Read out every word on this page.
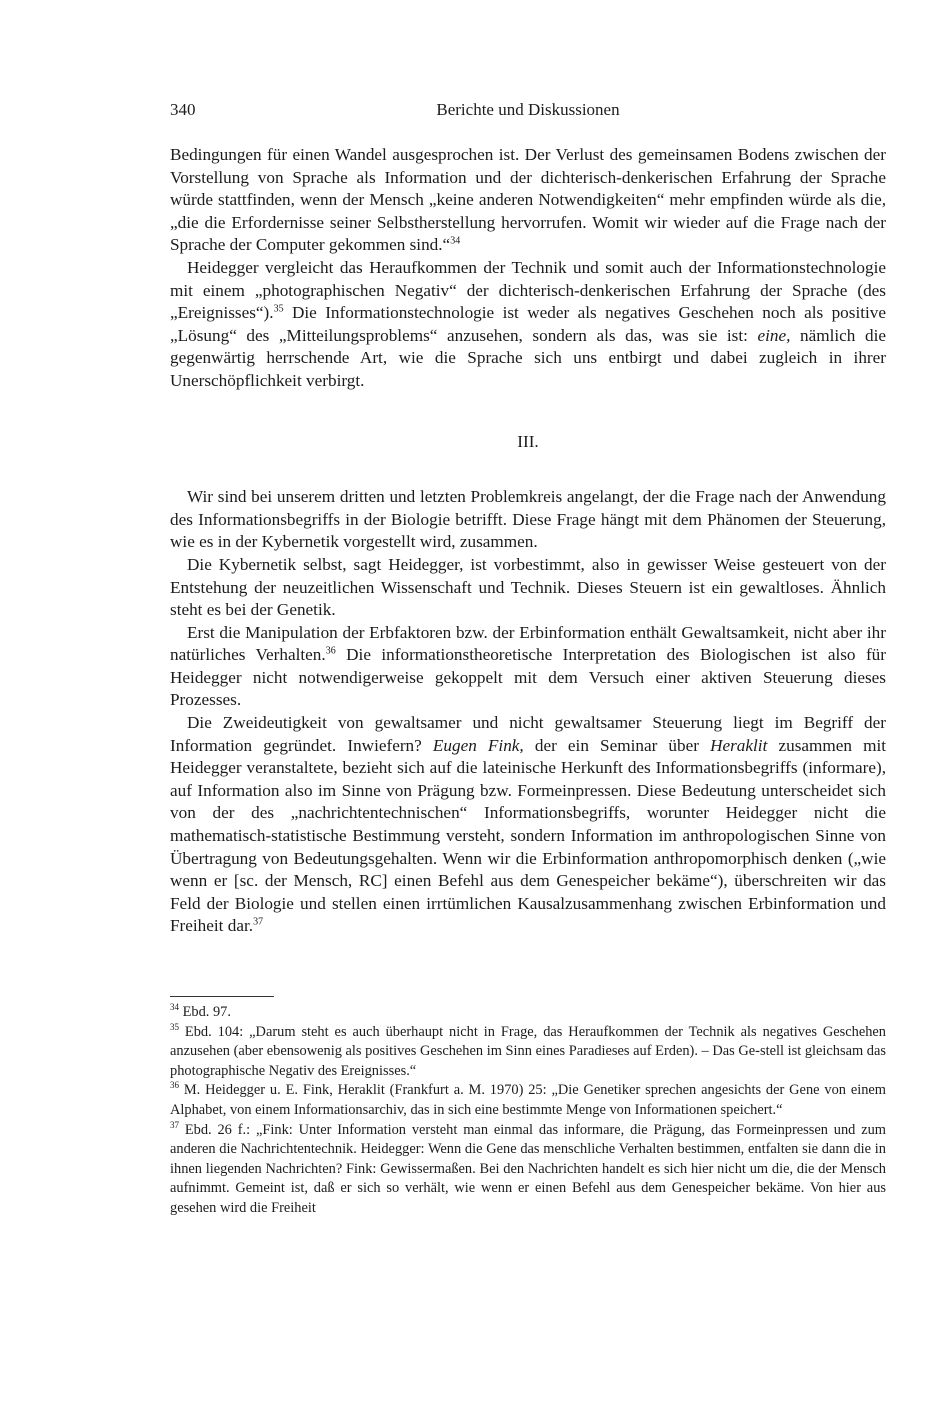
340	Berichte und Diskussionen

Bedingungen für einen Wandel ausgesprochen ist. Der Verlust des gemeinsamen Bodens zwischen der Vorstellung von Sprache als Information und der dichterisch-denkerischen Erfahrung der Sprache würde stattfinden, wenn der Mensch „keine anderen Notwendigkeiten“ mehr empfinden würde als die, „die die Erfordernisse seiner Selbstherstellung hervorrufen. Womit wir wieder auf die Frage nach der Sprache der Computer gekommen sind.“$^{34}$

Heidegger vergleicht das Heraufkommen der Technik und somit auch der Informationstechnologie mit einem „photographischen Negativ“ der dichterisch-denkerischen Erfahrung der Sprache (des „Ereignisses“).$^{35}$ Die Informationstechnologie ist weder als negatives Geschehen noch als positive „Lösung“ des „Mitteilungsproblems“ anzusehen, sondern als das, was sie ist: eine, nämlich die gegenwärtig herrschende Art, wie die Sprache sich uns entbirgt und dabei zugleich in ihrer Unerschöpflichkeit verbirgt.

III.

Wir sind bei unserem dritten und letzten Problemkreis angelangt, der die Frage nach der Anwendung des Informationsbegriffs in der Biologie betrifft. Diese Frage hängt mit dem Phänomen der Steuerung, wie es in der Kybernetik vorgestellt wird, zusammen.

Die Kybernetik selbst, sagt Heidegger, ist vorbestimmt, also in gewisser Weise gesteuert von der Entstehung der neuzeitlichen Wissenschaft und Technik. Dieses Steuern ist ein gewaltloses. Ähnlich steht es bei der Genetik.

Erst die Manipulation der Erbfaktoren bzw. der Erbinformation enthält Gewaltsamkeit, nicht aber ihr natürliches Verhalten.$^{36}$ Die informationstheoretische Interpretation des Biologischen ist also für Heidegger nicht notwendigerweise gekoppelt mit dem Versuch einer aktiven Steuerung dieses Prozesses.

Die Zweideutigkeit von gewaltsamer und nicht gewaltsamer Steuerung liegt im Begriff der Information gegründet. Inwiefern? Eugen Fink, der ein Seminar über Heraklit zusammen mit Heidegger veranstaltete, bezieht sich auf die lateinische Herkunft des Informationsbegriffs (informare), auf Information also im Sinne von Prägung bzw. Formeinpressen. Diese Bedeutung unterscheidet sich von der des „nachrichtentechnischen“ Informationsbegriffs, worunter Heidegger nicht die mathematisch-statistische Bestimmung versteht, sondern Information im anthropologischen Sinne von Übertragung von Bedeutungsgehalten. Wenn wir die Erbinformation anthropomorphisch denken („wie wenn er [sc. der Mensch, RC] einen Befehl aus dem Genespeicher bekäme“), überschreiten wir das Feld der Biologie und stellen einen irrtümlichen Kausalzusammenhang zwischen Erbinformation und Freiheit dar.$^{37}$

$^{34}$ Ebd. 97.

$^{35}$ Ebd. 104: „Darum steht es auch überhaupt nicht in Frage, das Heraufkommen der Technik als negatives Geschehen anzusehen (aber ebensowenig als positives Geschehen im Sinn eines Paradieses auf Erden). – Das Ge-stell ist gleichsam das photographische Negativ des Ereignisses.“

$^{36}$ M. Heidegger u. E. Fink, Heraklit (Frankfurt a. M. 1970) 25: „Die Genetiker sprechen angesichts der Gene von einem Alphabet, von einem Informationsarchiv, das in sich eine bestimmte Menge von Informationen speichert.“

$^{37}$ Ebd. 26 f.: „Fink: Unter Information versteht man einmal das informare, die Prägung, das Formeinpressen und zum anderen die Nachrichtentechnik. Heidegger: Wenn die Gene das menschliche Verhalten bestimmen, entfalten sie dann die in ihnen liegenden Nachrichten? Fink: Gewissermaßen. Bei den Nachrichten handelt es sich hier nicht um die, die der Mensch aufnimmt. Gemeint ist, daß er sich so verhält, wie wenn er einen Befehl aus dem Genespeicher bekäme. Von hier aus gesehen wird die Freiheit
